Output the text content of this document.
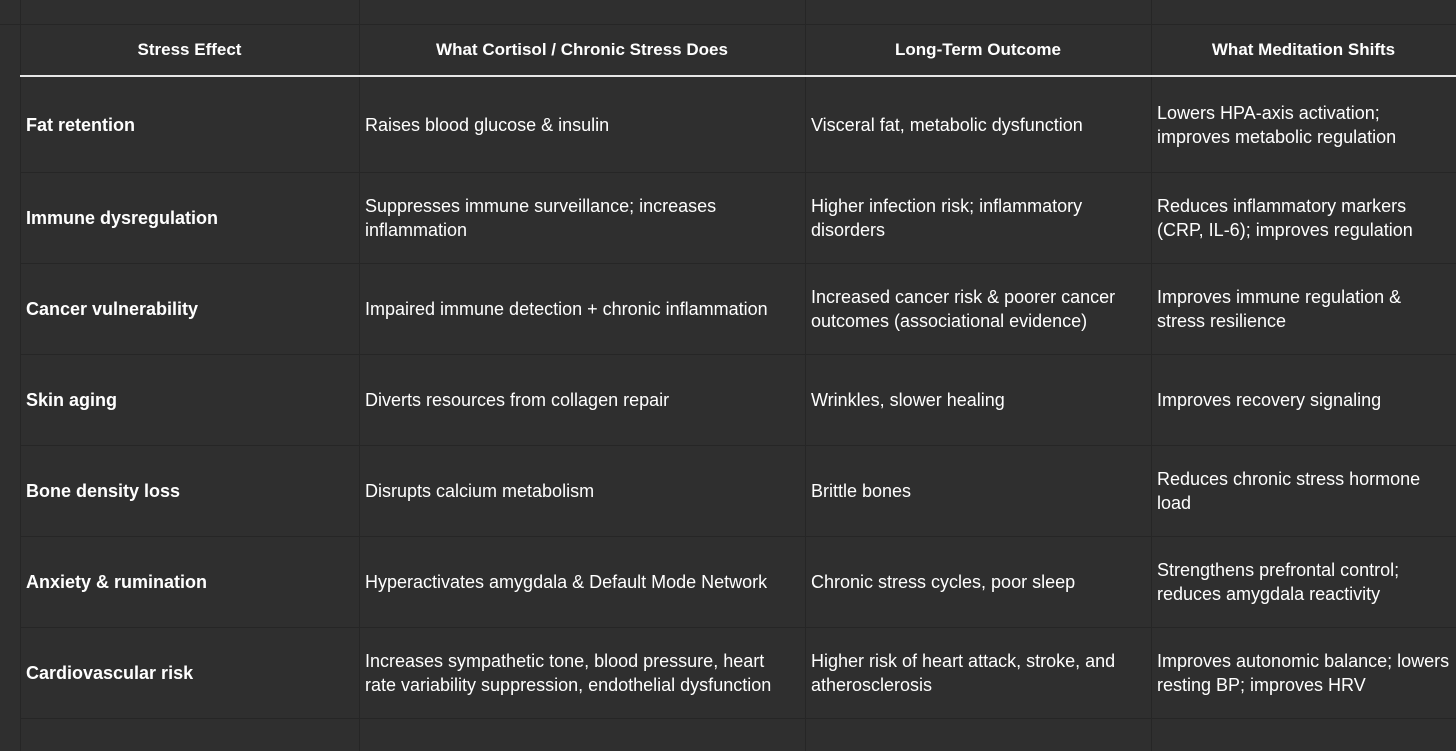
Stress Effect	What Cortisol / Chronic Stress Does	Long-Term Outcome	What Meditation Shifts
Fat retention	Raises blood glucose & insulin	Visceral fat, metabolic dysfunction	Lowers HPA-axis activation; improves metabolic regulation
Immune dysregulation	Suppresses immune surveillance; increases inflammation	Higher infection risk; inflammatory disorders	Reduces inflammatory markers (CRP, IL-6); improves regulation
Cancer vulnerability	Impaired immune detection + chronic inflammation	Increased cancer risk & poorer cancer outcomes (associational evidence)	Improves immune regulation & stress resilience
Skin aging	Diverts resources from collagen repair	Wrinkles, slower healing	Improves recovery signaling
Bone density loss	Disrupts calcium metabolism	Brittle bones	Reduces chronic stress hormone load
Anxiety & rumination	Hyperactivates amygdala & Default Mode Network	Chronic stress cycles, poor sleep	Strengthens prefrontal control; reduces amygdala reactivity
Cardiovascular risk	Increases sympathetic tone, blood pressure, heart rate variability suppression, endothelial dysfunction	Higher risk of heart attack, stroke, and atherosclerosis	Improves autonomic balance; lowers resting BP; improves HRV
